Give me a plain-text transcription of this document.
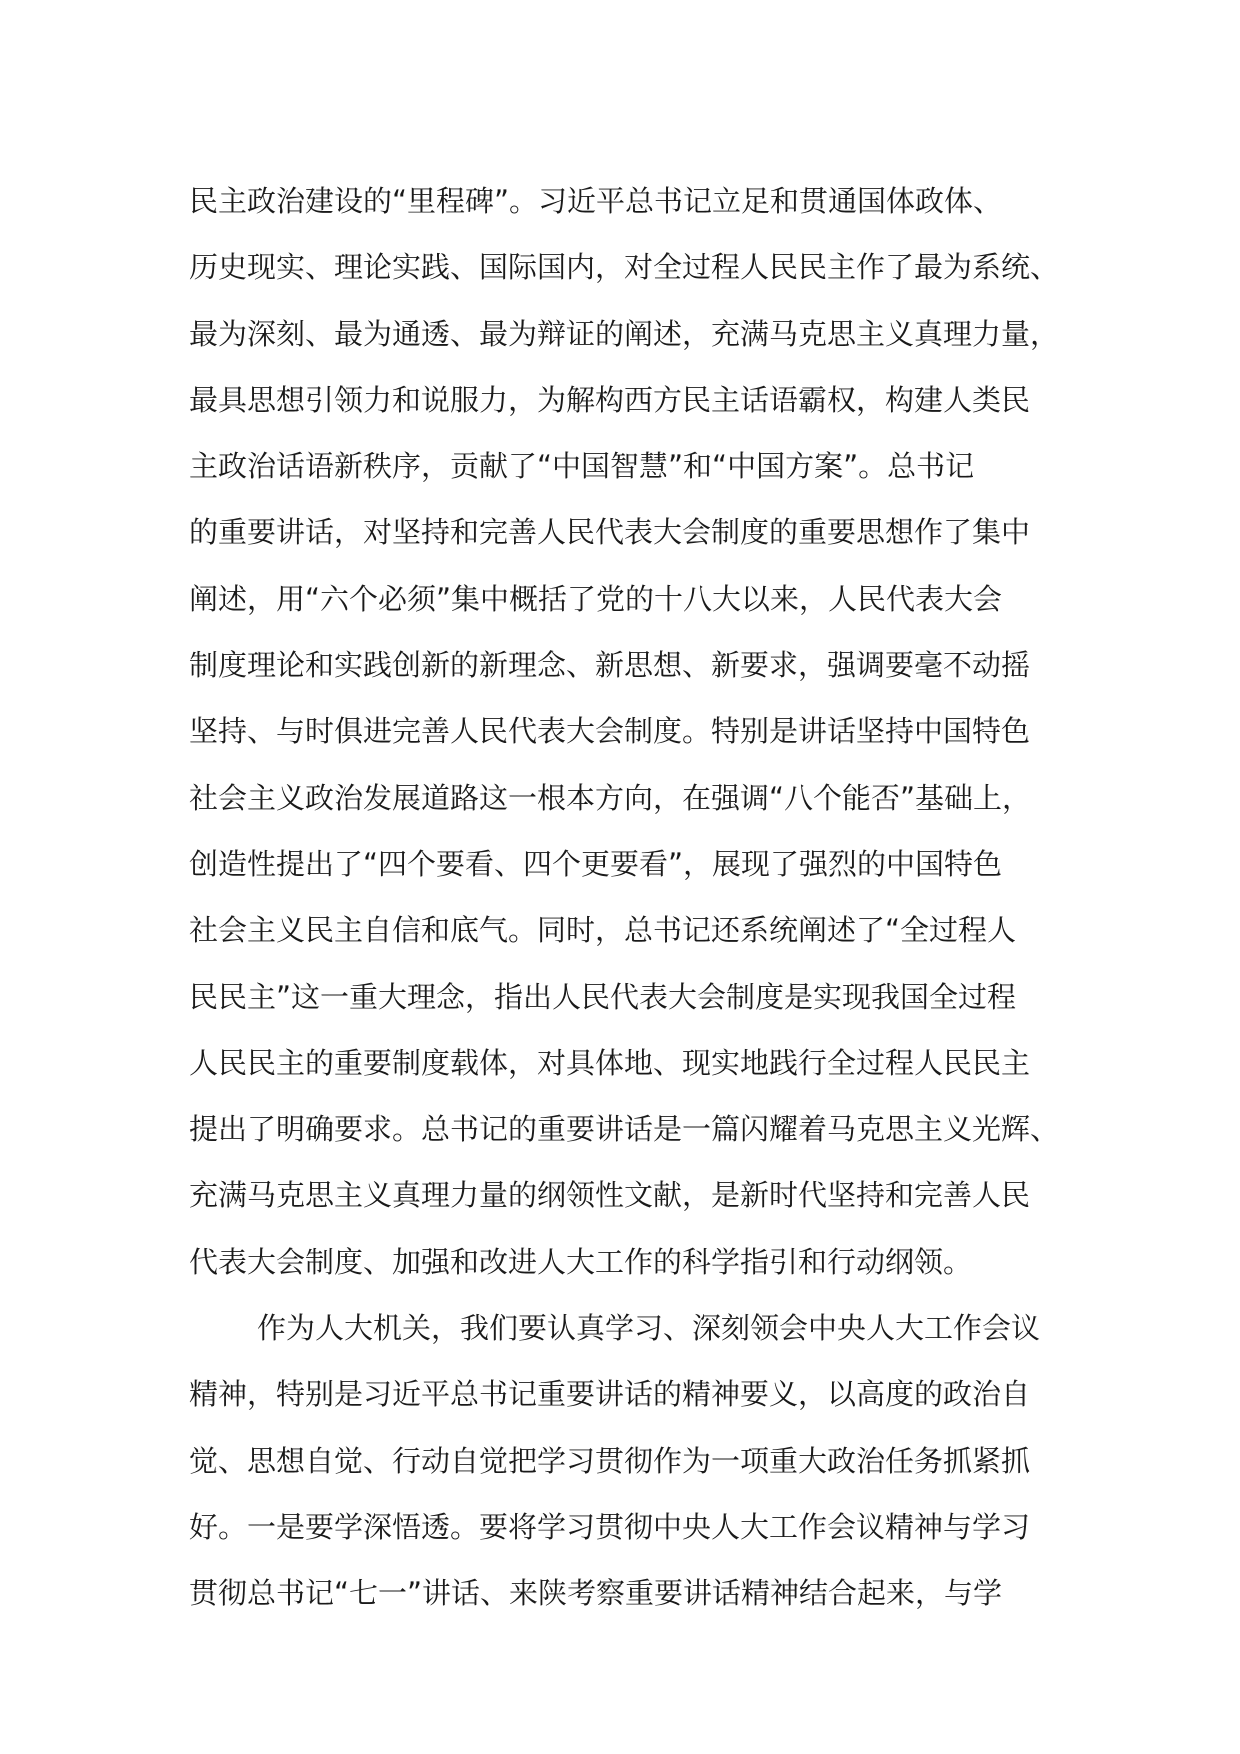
民主政治建设的“里程碑”。习近平总书记立足和贯通国体政体、
历史现实、理论实践、国际国内，对全过程人民民主作了最为系统、
最为深刻、最为通透、最为辩证的阐述，充满马克思主义真理力量，
最具思想引领力和说服力，为解构西方民主话语霸权，构建人类民
主政治话语新秩序，贡献了“中国智慧”和“中国方案”。总书记
的重要讲话，对坚持和完善人民代表大会制度的重要思想作了集中
阐述，用“六个必须”集中概括了党的十八大以来，人民代表大会
制度理论和实践创新的新理念、新思想、新要求，强调要毫不动摇
坚持、与时俱进完善人民代表大会制度。特别是讲话坚持中国特色
社会主义政治发展道路这一根本方向，在强调“八个能否”基础上，
创造性提出了“四个要看、四个更要看”，展现了强烈的中国特色
社会主义民主自信和底气。同时，总书记还系统阐述了“全过程人
民民主”这一重大理念，指出人民代表大会制度是实现我国全过程
人民民主的重要制度载体，对具体地、现实地践行全过程人民民主
提出了明确要求。总书记的重要讲话是一篇闪耀着马克思主义光辉、
充满马克思主义真理力量的纲领性文献，是新时代坚持和完善人民
代表大会制度、加强和改进人大工作的科学指引和行动纲领。
作为人大机关，我们要认真学习、深刻领会中央人大工作会议
精神，特别是习近平总书记重要讲话的精神要义，以高度的政治自
觉、思想自觉、行动自觉把学习贯彻作为一项重大政治任务抓紧抓
好。一是要学深悟透。要将学习贯彻中央人大工作会议精神与学习
贯彻总书记“七一”讲话、来陕考察重要讲话精神结合起来，与学
